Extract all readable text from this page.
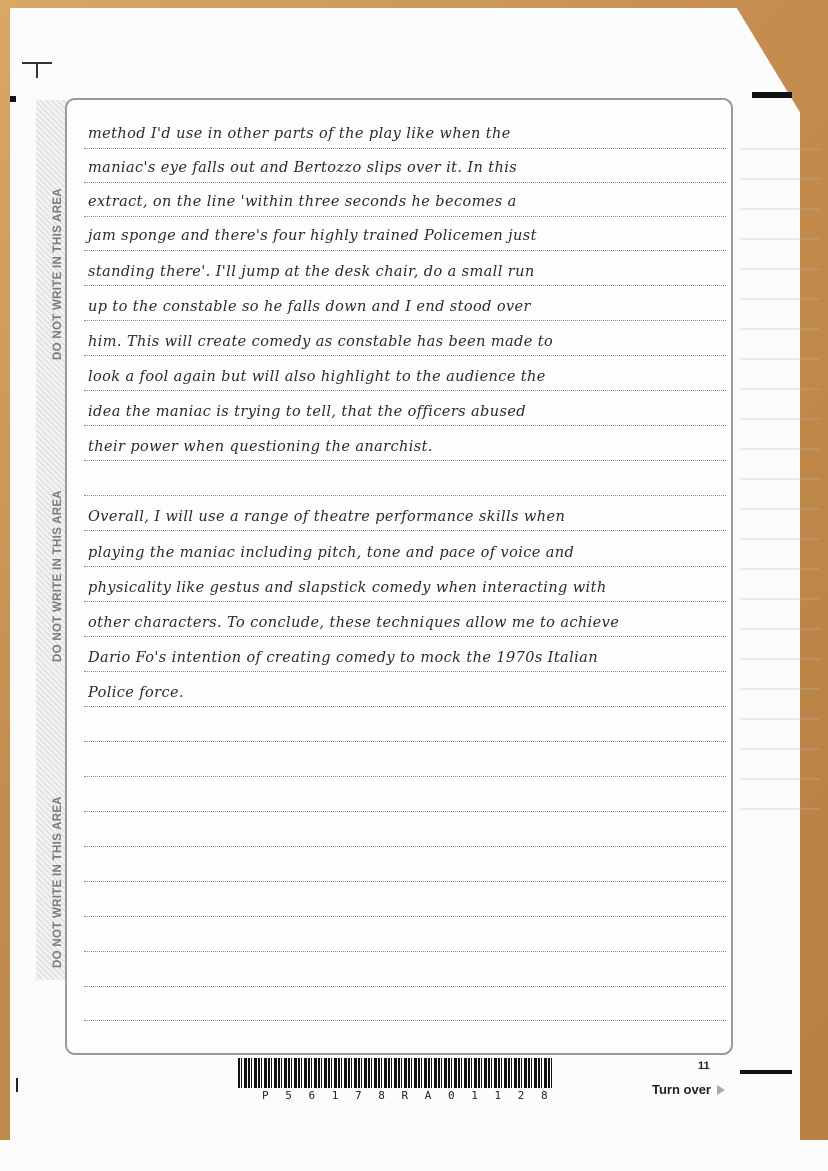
DO NOT WRITE IN THIS AREA
DO NOT WRITE IN THIS AREA
DO NOT WRITE IN THIS AREA
method I'd use in other parts of the play like when the
maniac's eye falls out and Bertozzo slips over it. In this
extract, on the line 'within three seconds he becomes a
jam sponge and there's four highly trained Policemen just
standing there'. I'll jump at the desk chair, do a small run
up to the constable so he falls down and I end stood over
him. This will create comedy as constable has been made to
look a fool again but will also highlight to the audience the
idea the maniac is trying to tell, that the officers abused
their power when questioning the anarchist.
Overall, I will use a range of theatre performance skills when
playing the maniac including pitch, tone and pace of voice and
physicality like gestus and slapstick comedy when interacting with
other characters. To conclude, these techniques allow me to achieve
Dario Fo's intention of creating comedy to mock the 1970s Italian
Police force.
P 5 6 1 7 8 R A 0 1 1 2 8
11
Turn over
